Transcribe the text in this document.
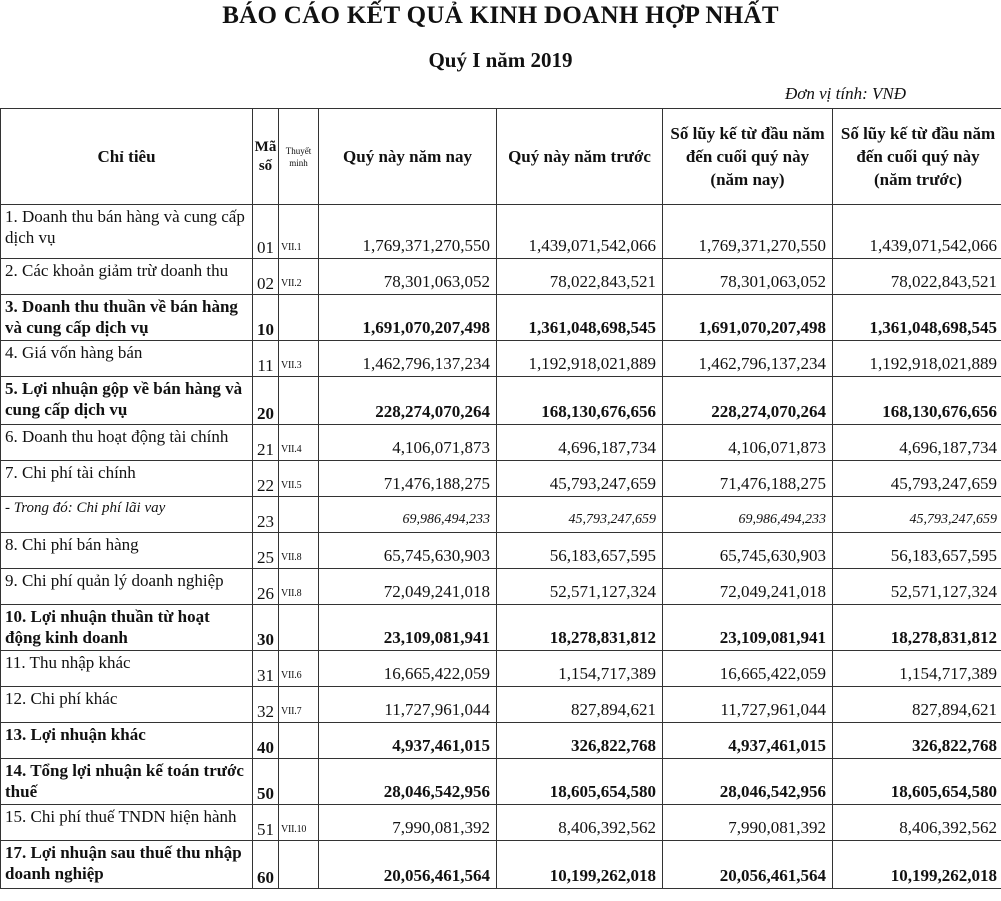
BÁO CÁO KẾT QUẢ KINH DOANH HỢP NHẤT
Quý I năm 2019
Đơn vị tính: VNĐ
Chỉ tiêu	Mã số	Thuyết minh	Quý này năm nay	Quý này năm trước	Số lũy kế từ đầu năm đến cuối quý này (năm nay)	Số lũy kế từ đầu năm đến cuối quý này (năm trước)

1. Doanh thu bán hàng và cung cấp dịch vụ	01	VII.1	1,769,371,270,550	1,439,071,542,066	1,769,371,270,550	1,439,071,542,066

2. Các khoản giảm trừ doanh thu	02	VII.2	78,301,063,052	78,022,843,521	78,301,063,052	78,022,843,521

3. Doanh thu thuần về bán hàng và cung cấp dịch vụ	10		1,691,070,207,498	1,361,048,698,545	1,691,070,207,498	1,361,048,698,545

4. Giá vốn hàng bán	11	VII.3	1,462,796,137,234	1,192,918,021,889	1,462,796,137,234	1,192,918,021,889

5. Lợi nhuận gộp về bán hàng và cung cấp dịch vụ	20		228,274,070,264	168,130,676,656	228,274,070,264	168,130,676,656

6. Doanh thu hoạt động tài chính	21	VII.4	4,106,071,873	4,696,187,734	4,106,071,873	4,696,187,734

7. Chi phí tài chính	22	VII.5	71,476,188,275	45,793,247,659	71,476,188,275	45,793,247,659

- Trong đó: Chi phí lãi vay	23		69,986,494,233	45,793,247,659	69,986,494,233	45,793,247,659

8. Chi phí bán hàng	25	VII.8	65,745,630,903	56,183,657,595	65,745,630,903	56,183,657,595

9. Chi phí quản lý doanh nghiệp	26	VII.8	72,049,241,018	52,571,127,324	72,049,241,018	52,571,127,324

10. Lợi nhuận thuần từ hoạt động kinh doanh	30		23,109,081,941	18,278,831,812	23,109,081,941	18,278,831,812

11. Thu nhập khác	31	VII.6	16,665,422,059	1,154,717,389	16,665,422,059	1,154,717,389

12. Chi phí khác	32	VII.7	11,727,961,044	827,894,621	11,727,961,044	827,894,621

13. Lợi nhuận khác	40		4,937,461,015	326,822,768	4,937,461,015	326,822,768

14. Tổng lợi nhuận kế toán trước thuế	50		28,046,542,956	18,605,654,580	28,046,542,956	18,605,654,580

15. Chi phí thuế TNDN hiện hành	51	VII.10	7,990,081,392	8,406,392,562	7,990,081,392	8,406,392,562

17. Lợi nhuận sau thuế thu nhập doanh nghiệp	60		20,056,461,564	10,199,262,018	20,056,461,564	10,199,262,018
